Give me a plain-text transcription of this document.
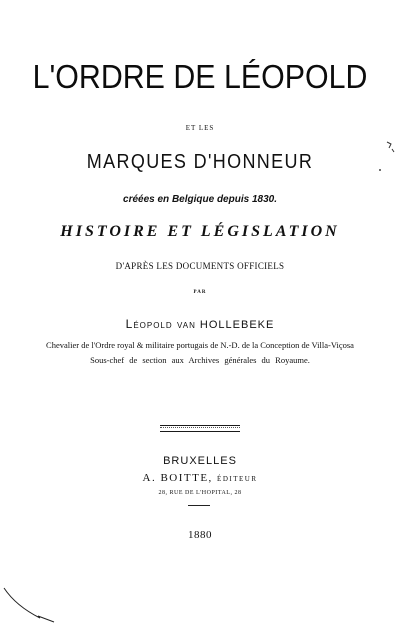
L'ORDRE DE LÉOPOLD
ET LES
MARQUES D'HONNEUR
créées en Belgique depuis 1830.
HISTOIRE ET LÉGISLATION
D'APRÈS LES DOCUMENTS OFFICIELS
PAR
Léopold van HOLLEBEKE
Chevalier de l'Ordre royal & militaire portugais de N.-D. de la Conception de Villa-Viçosa
Sous-chef de section aux Archives générales du Royaume.
BRUXELLES
A. BOITTE, éditeur
28, RUE DE L'HOPITAL, 28
1880
